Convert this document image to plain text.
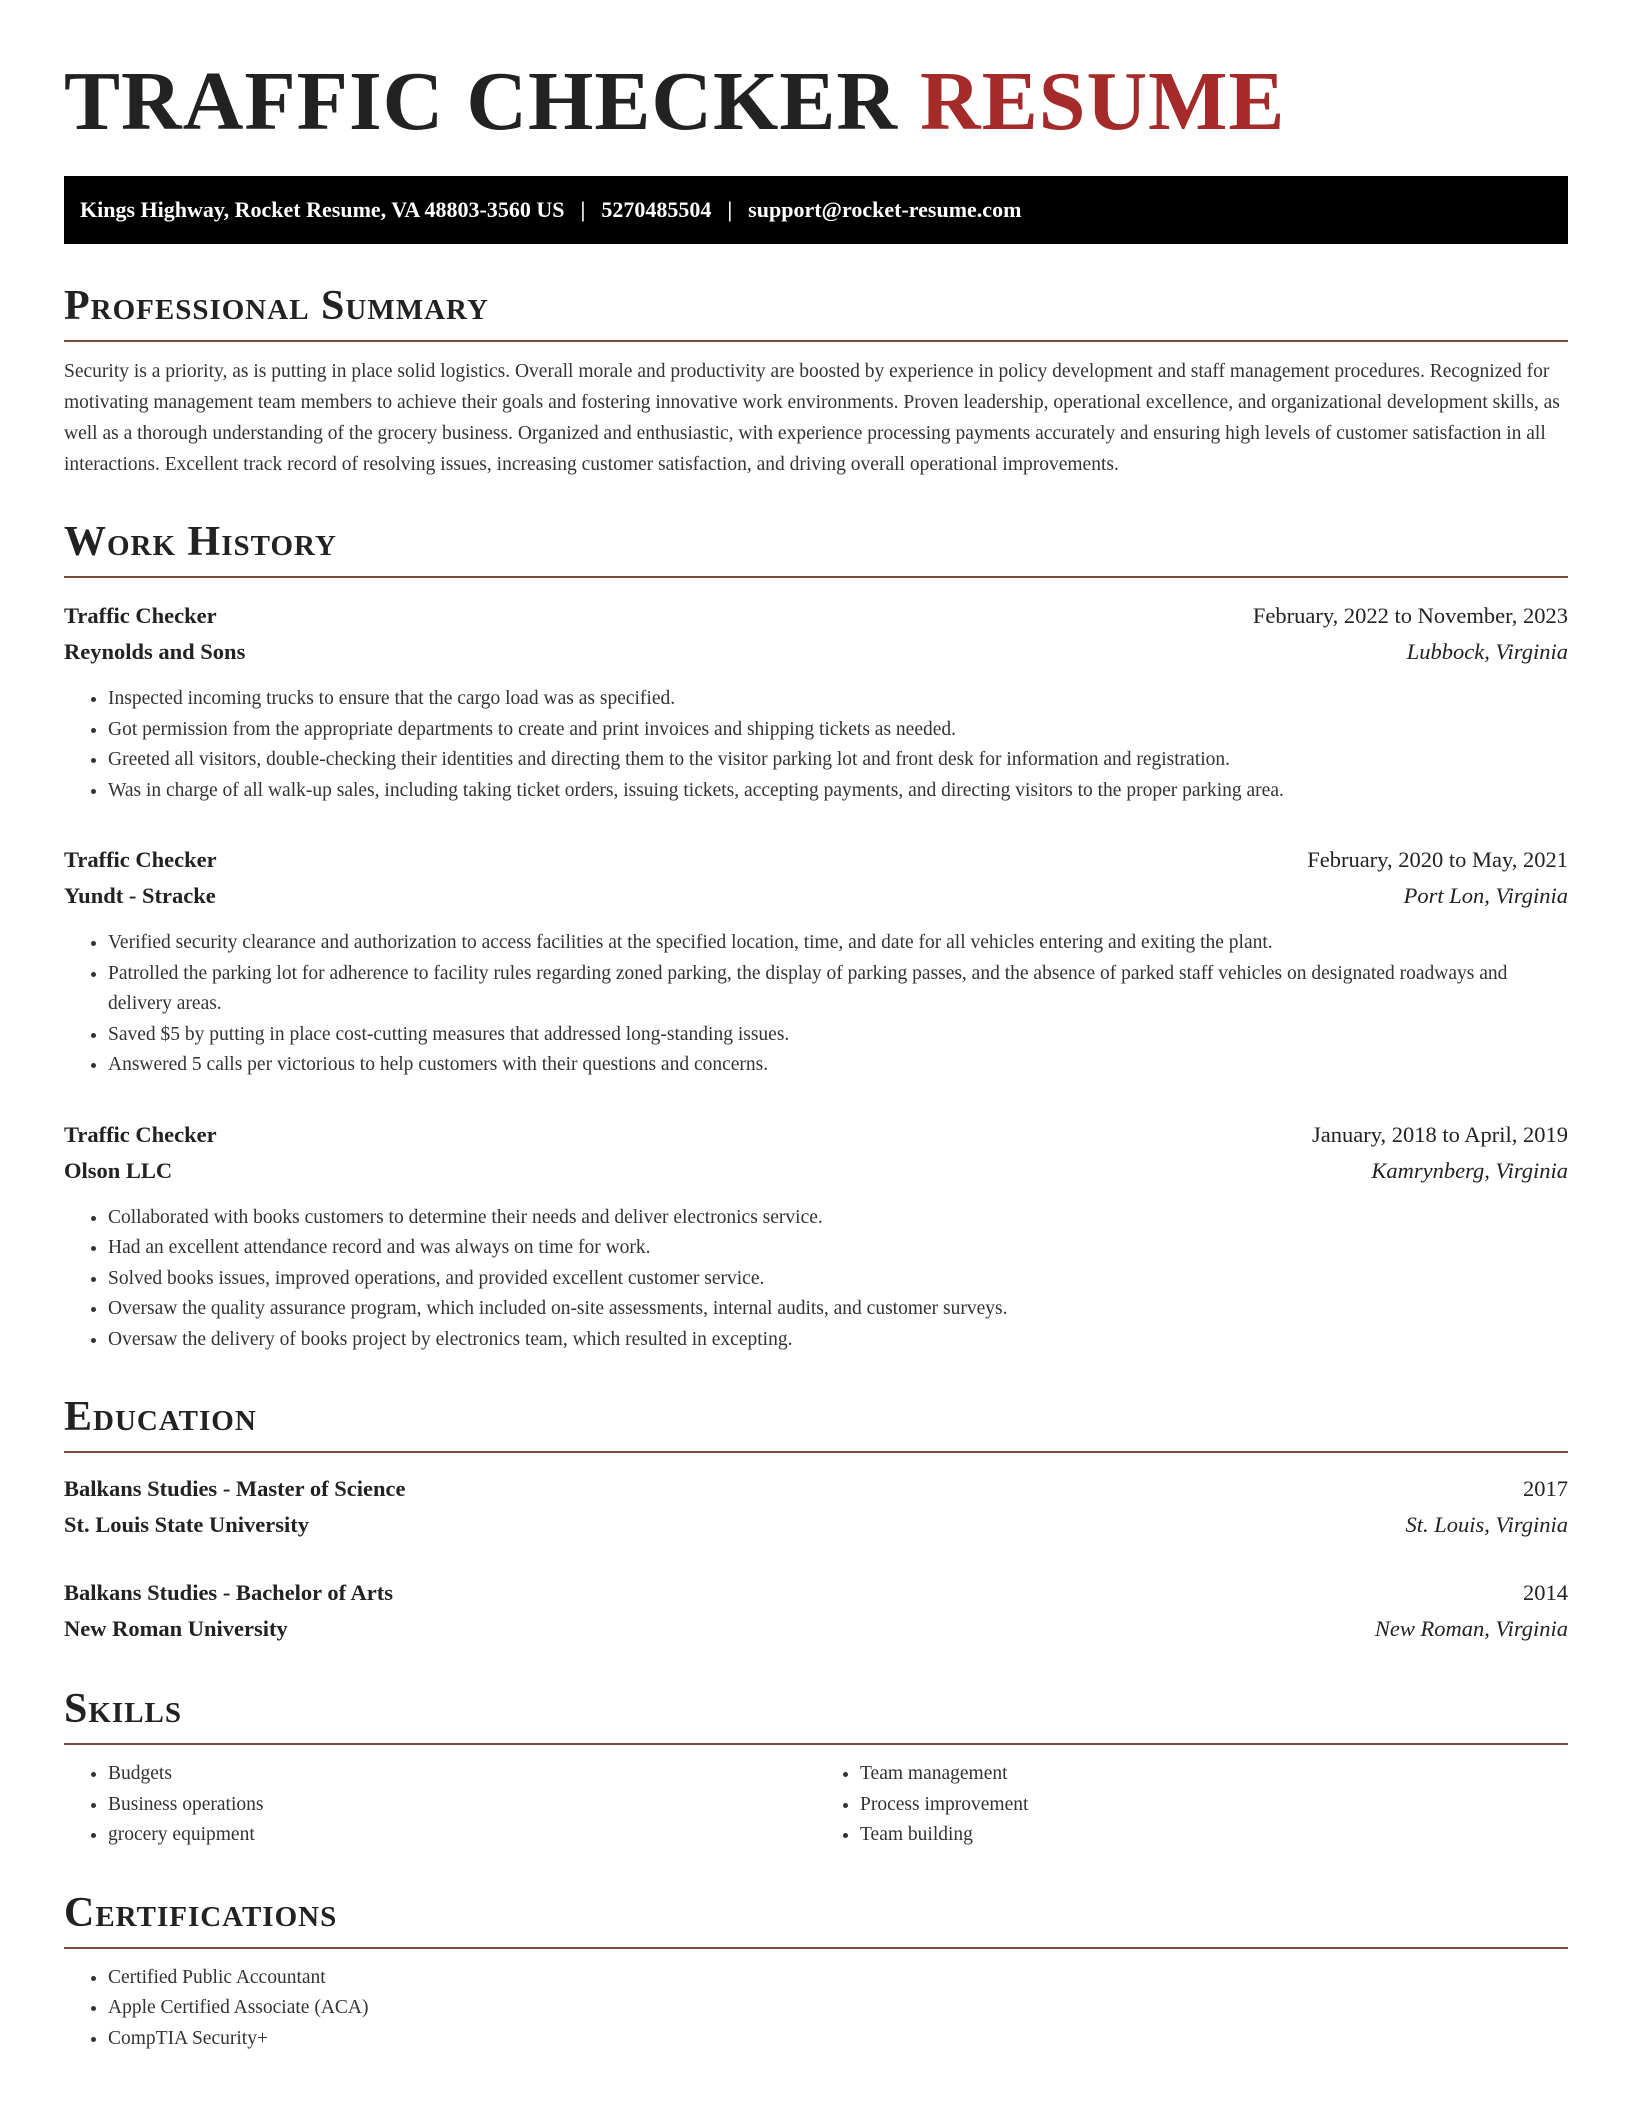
TRAFFIC CHECKER RESUME
Kings Highway, Rocket Resume, VA 48803-3560 US | 5270485504 | support@rocket-resume.com
Professional Summary

Security is a priority, as is putting in place solid logistics. Overall morale and productivity are boosted by experience in policy development and staff management procedures. Recognized for motivating management team members to achieve their goals and fostering innovative work environments. Proven leadership, operational excellence, and organizational development skills, as well as a thorough understanding of the grocery business. Organized and enthusiastic, with experience processing payments accurately and ensuring high levels of customer satisfaction in all interactions. Excellent track record of resolving issues, increasing customer satisfaction, and driving overall operational improvements.

Work History
Traffic Checker	February, 2022 to November, 2023
Reynolds and Sons	Lubbock, Virginia
• Inspected incoming trucks to ensure that the cargo load was as specified.
• Got permission from the appropriate departments to create and print invoices and shipping tickets as needed.
• Greeted all visitors, double-checking their identities and directing them to the visitor parking lot and front desk for information and registration.
• Was in charge of all walk-up sales, including taking ticket orders, issuing tickets, accepting payments, and directing visitors to the proper parking area.
Traffic Checker	February, 2020 to May, 2021
Yundt - Stracke	Port Lon, Virginia
• Verified security clearance and authorization to access facilities at the specified location, time, and date for all vehicles entering and exiting the plant.
• Patrolled the parking lot for adherence to facility rules regarding zoned parking, the display of parking passes, and the absence of parked staff vehicles on designated roadways and delivery areas.
• Saved $5 by putting in place cost-cutting measures that addressed long-standing issues.
• Answered 5 calls per victorious to help customers with their questions and concerns.
Traffic Checker	January, 2018 to April, 2019
Olson LLC	Kamrynberg, Virginia
• Collaborated with books customers to determine their needs and deliver electronics service.
• Had an excellent attendance record and was always on time for work.
• Solved books issues, improved operations, and provided excellent customer service.
• Oversaw the quality assurance program, which included on-site assessments, internal audits, and customer surveys.
• Oversaw the delivery of books project by electronics team, which resulted in excepting.
Education
Balkans Studies - Master of Science	2017
St. Louis State University	St. Louis, Virginia
Balkans Studies - Bachelor of Arts	2014
New Roman University	New Roman, Virginia
Skills
• Budgets
• Business operations
• grocery equipment
• Team management
• Process improvement
• Team building
Certifications
• Certified Public Accountant
• Apple Certified Associate (ACA)
• CompTIA Security+
